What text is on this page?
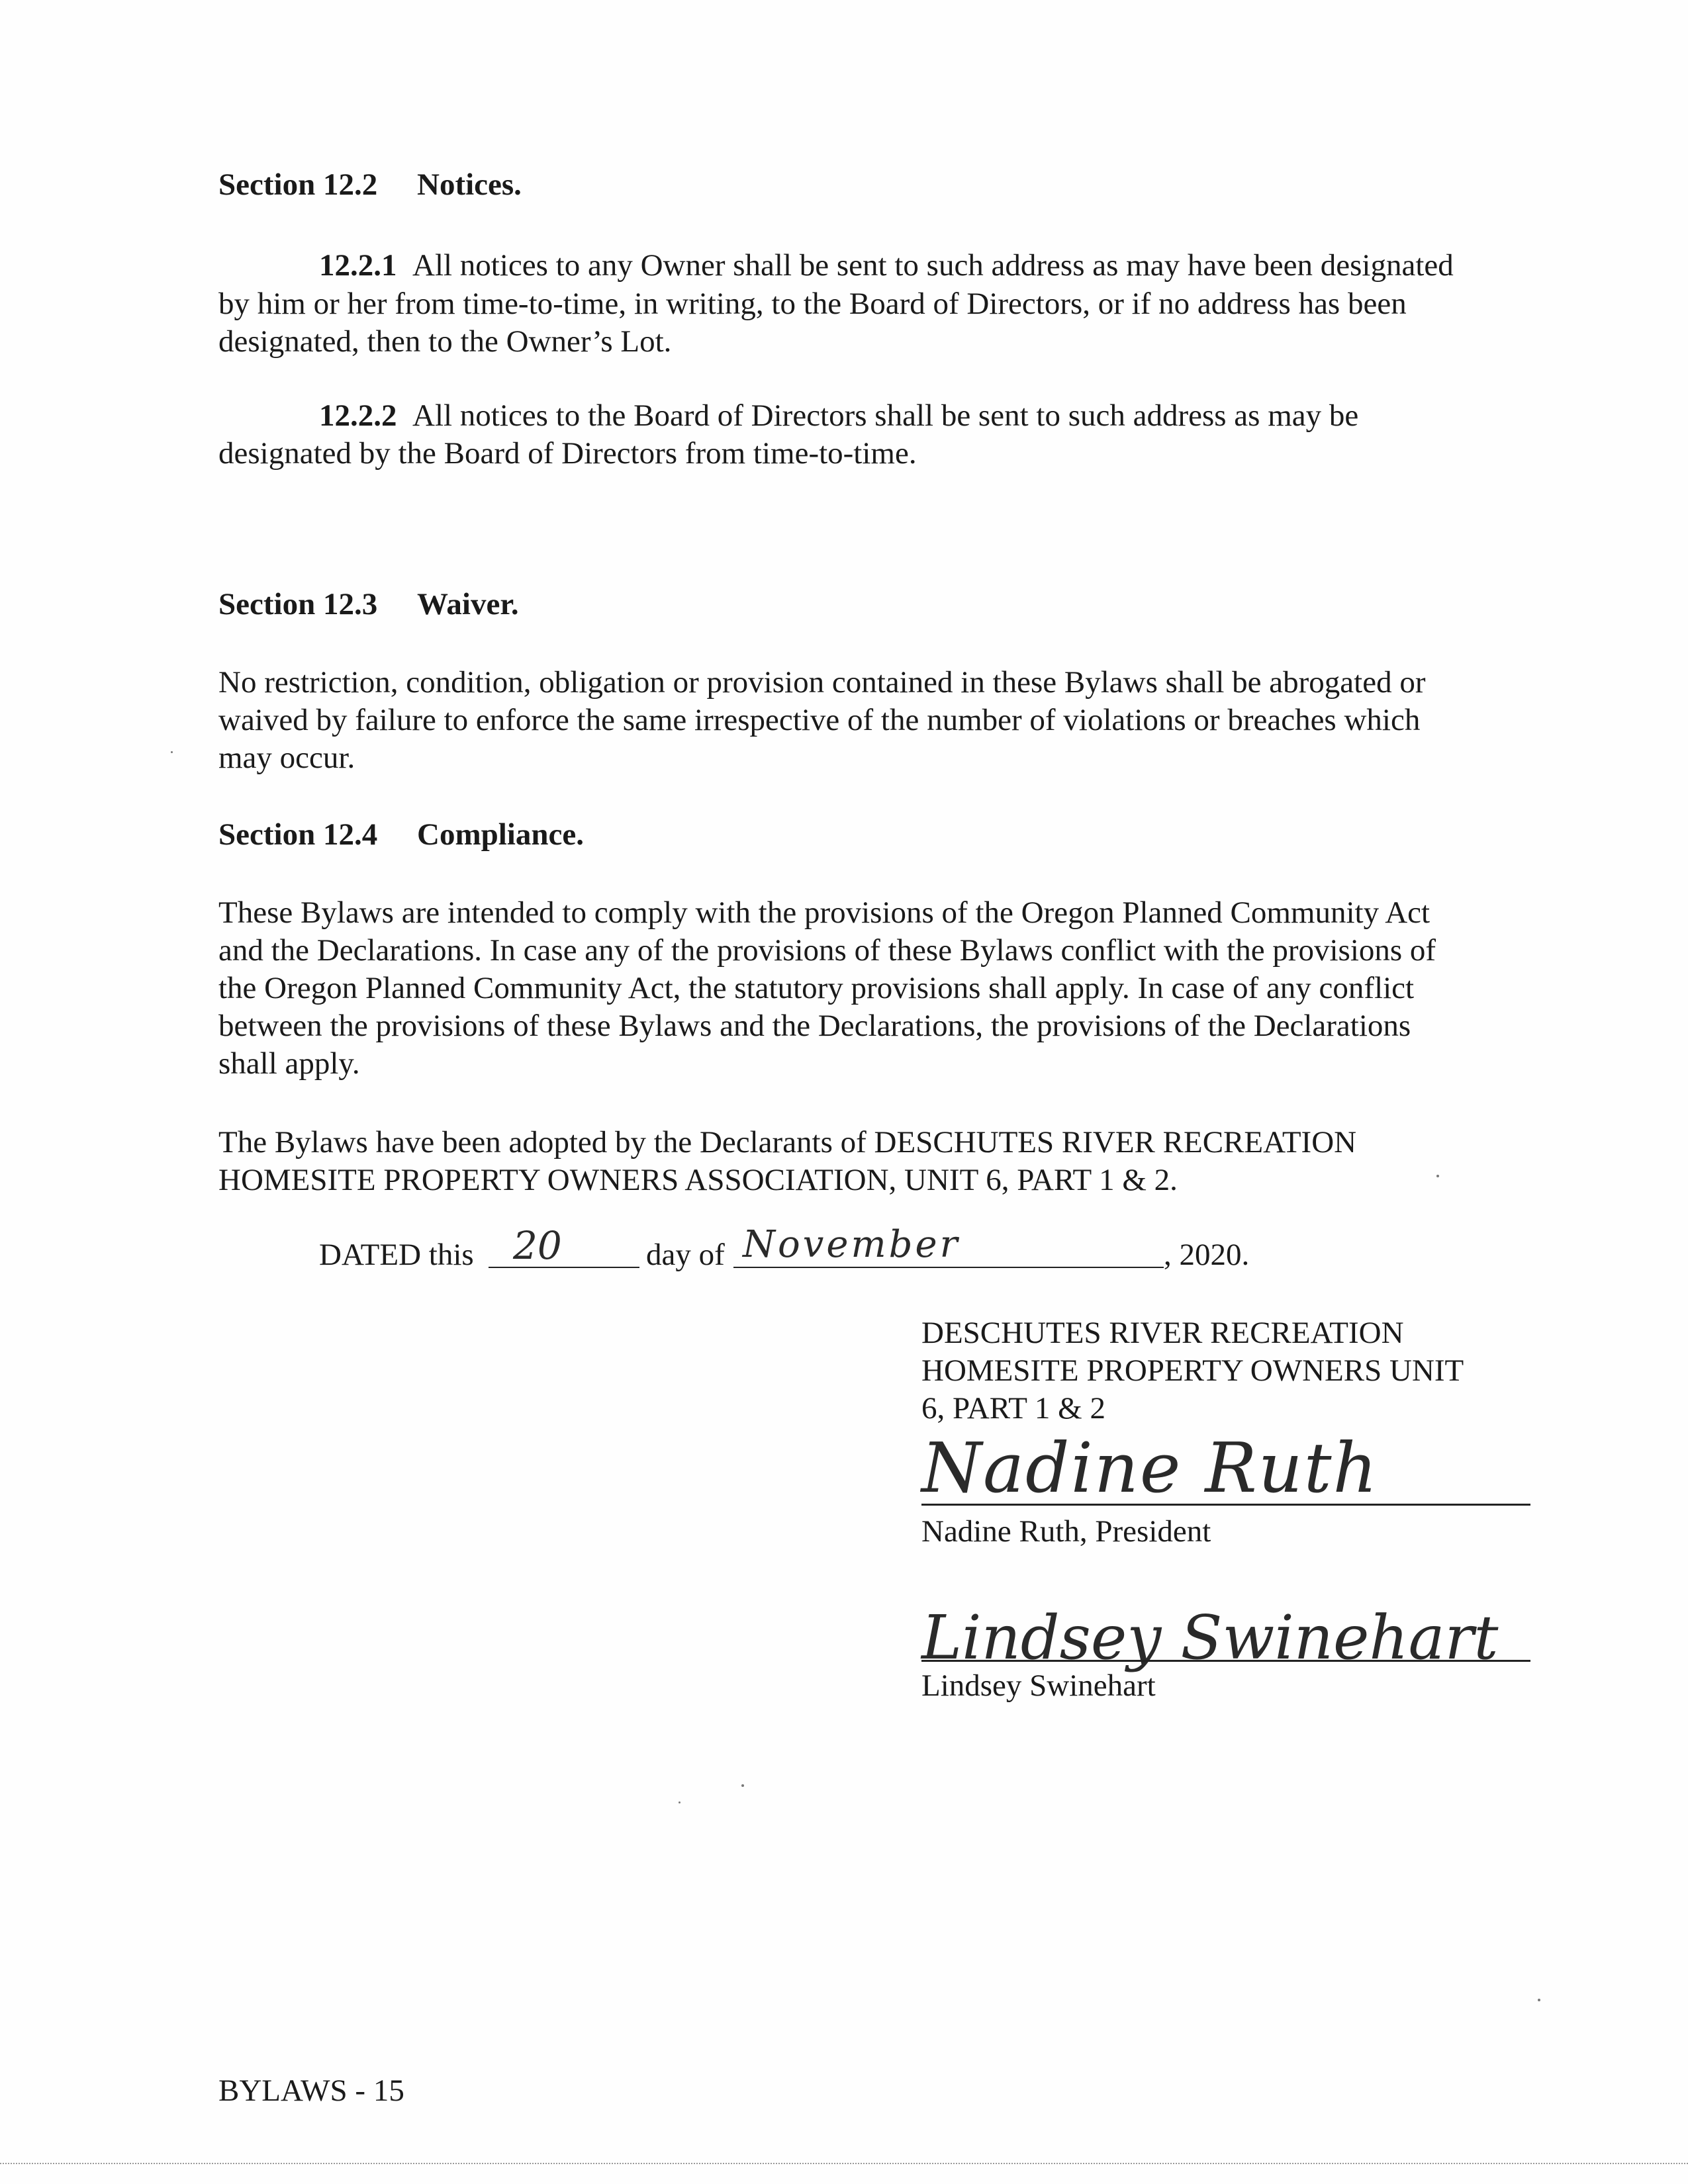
Section 12.2 Notices.
12.2.1 All notices to any Owner shall be sent to such address as may have been designated
by him or her from time-to-time, in writing, to the Board of Directors, or if no address has been
designated, then to the Owner’s Lot.
12.2.2 All notices to the Board of Directors shall be sent to such address as may be
designated by the Board of Directors from time-to-time.
Section 12.3 Waiver.
No restriction, condition, obligation or provision contained in these Bylaws shall be abrogated or
waived by failure to enforce the same irrespective of the number of violations or breaches which
may occur.
Section 12.4 Compliance.
These Bylaws are intended to comply with the provisions of the Oregon Planned Community Act
and the Declarations. In case any of the provisions of these Bylaws conflict with the provisions of
the Oregon Planned Community Act, the statutory provisions shall apply. In case of any conflict
between the provisions of these Bylaws and the Declarations, the provisions of the Declarations
shall apply.
The Bylaws have been adopted by the Declarants of DESCHUTES RIVER RECREATION
HOMESITE PROPERTY OWNERS ASSOCIATION, UNIT 6, PART 1 & 2.
DATED this 20	day of November	, 2020.
DESCHUTES RIVER RECREATION
HOMESITE PROPERTY OWNERS UNIT
6, PART 1 & 2
Nadine Ruth
Nadine Ruth, President
Lindsey Swinehart
Lindsey Swinehart
BYLAWS - 15
